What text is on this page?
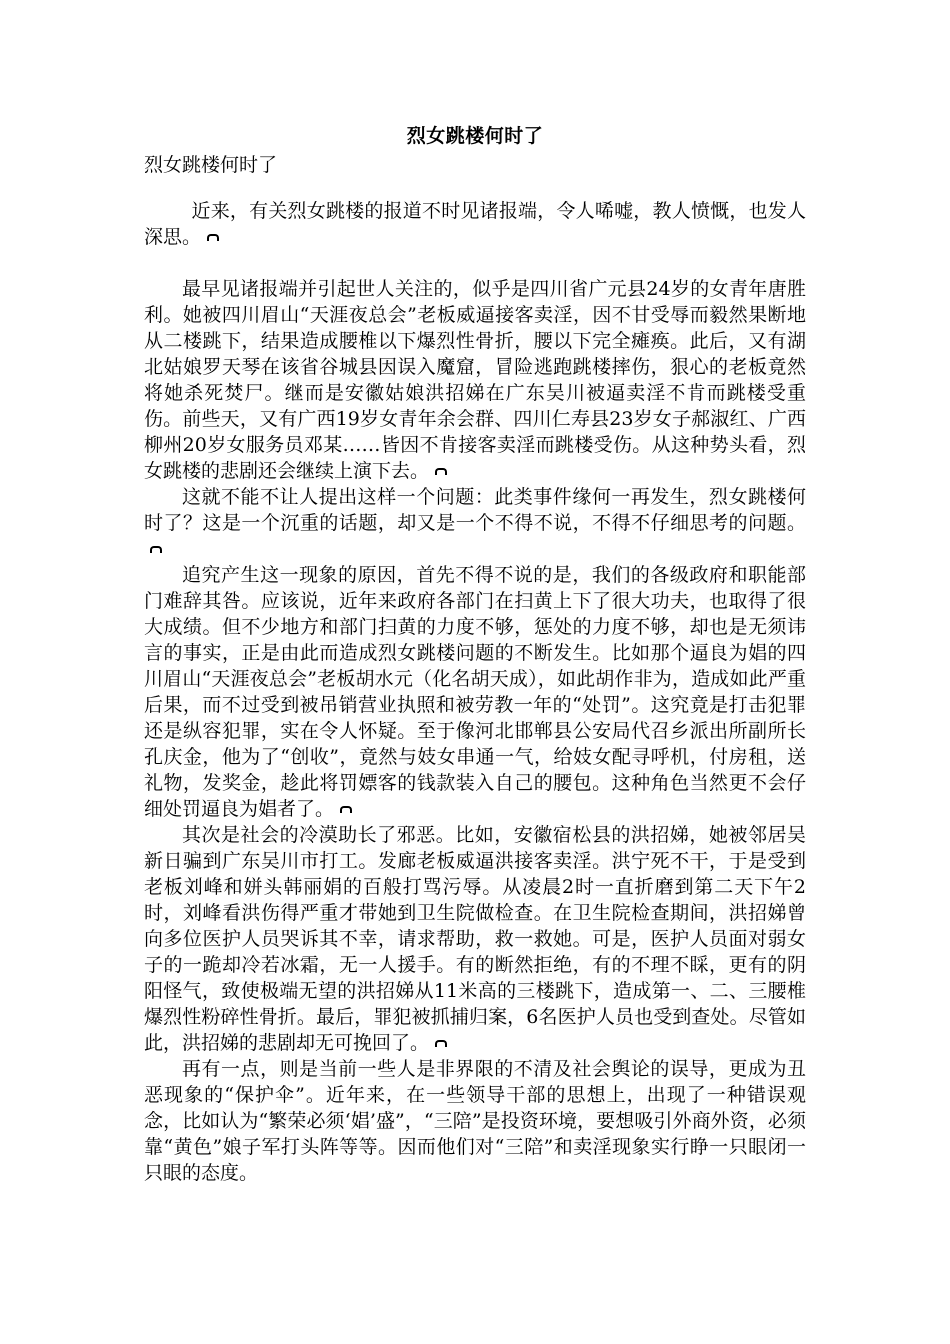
烈女跳楼何时了
烈女跳楼何时了

近来，有关烈女跳楼的报道不时见诸报端，令人唏嘘，教人愤慨，也发人深思。

最早见诸报端并引起世人关注的，似乎是四川省广元县24岁的女青年唐胜利。她被四川眉山“天涯夜总会”老板威逼接客卖淫，因不甘受辱而毅然果断地从二楼跳下，结果造成腰椎以下爆烈性骨折，腰以下完全瘫痪。此后，又有湖北姑娘罗天琴在该省谷城县因误入魔窟，冒险逃跑跳楼摔伤，狠心的老板竟然将她杀死焚尸。继而是安徽姑娘洪招娣在广东吴川被逼卖淫不肯而跳楼受重伤。前些天，又有广西19岁女青年余会群、四川仁寿县23岁女子郝淑红、广西柳州20岁女服务员邓某……皆因不肯接客卖淫而跳楼受伤。从这种势头看，烈女跳楼的悲剧还会继续上演下去。

这就不能不让人提出这样一个问题：此类事件缘何一再发生，烈女跳楼何时了？这是一个沉重的话题，却又是一个不得不说，不得不仔细思考的问题。

追究产生这一现象的原因，首先不得不说的是，我们的各级政府和职能部门难辞其咎。应该说，近年来政府各部门在扫黄上下了很大功夫，也取得了很大成绩。但不少地方和部门扫黄的力度不够，惩处的力度不够，却也是无须讳言的事实，正是由此而造成烈女跳楼问题的不断发生。比如那个逼良为娼的四川眉山“天涯夜总会”老板胡水元（化名胡天成），如此胡作非为，造成如此严重后果，而不过受到被吊销营业执照和被劳教一年的“处罚”。这究竟是打击犯罪还是纵容犯罪，实在令人怀疑。至于像河北邯郸县公安局代召乡派出所副所长孔庆金，他为了“创收”，竟然与妓女串通一气，给妓女配寻呼机，付房租，送礼物，发奖金，趁此将罚嫖客的钱款装入自己的腰包。这种角色当然更不会仔细处罚逼良为娼者了。

其次是社会的冷漠助长了邪恶。比如，安徽宿松县的洪招娣，她被邻居吴新日骗到广东吴川市打工。发廊老板威逼洪接客卖淫。洪宁死不干，于是受到老板刘峰和姘头韩丽娟的百般打骂污辱。从凌晨2时一直折磨到第二天下午2时，刘峰看洪伤得严重才带她到卫生院做检查。在卫生院检查期间，洪招娣曾向多位医护人员哭诉其不幸，请求帮助，救一救她。可是，医护人员面对弱女子的一跪却冷若冰霜，无一人援手。有的断然拒绝，有的不理不睬，更有的阴阳怪气，致使极端无望的洪招娣从11米高的三楼跳下，造成第一、二、三腰椎爆烈性粉碎性骨折。最后，罪犯被抓捕归案，6名医护人员也受到查处。尽管如此，洪招娣的悲剧却无可挽回了。

再有一点，则是当前一些人是非界限的不清及社会舆论的误导，更成为丑恶现象的“保护伞”。近年来，在一些领导干部的思想上，出现了一种错误观念，比如认为“繁荣必须‘娼’盛”，“三陪”是投资环境，要想吸引外商外资，必须靠“黄色”娘子军打头阵等等。因而他们对“三陪”和卖淫现象实行睁一只眼闭一只眼的态度。
